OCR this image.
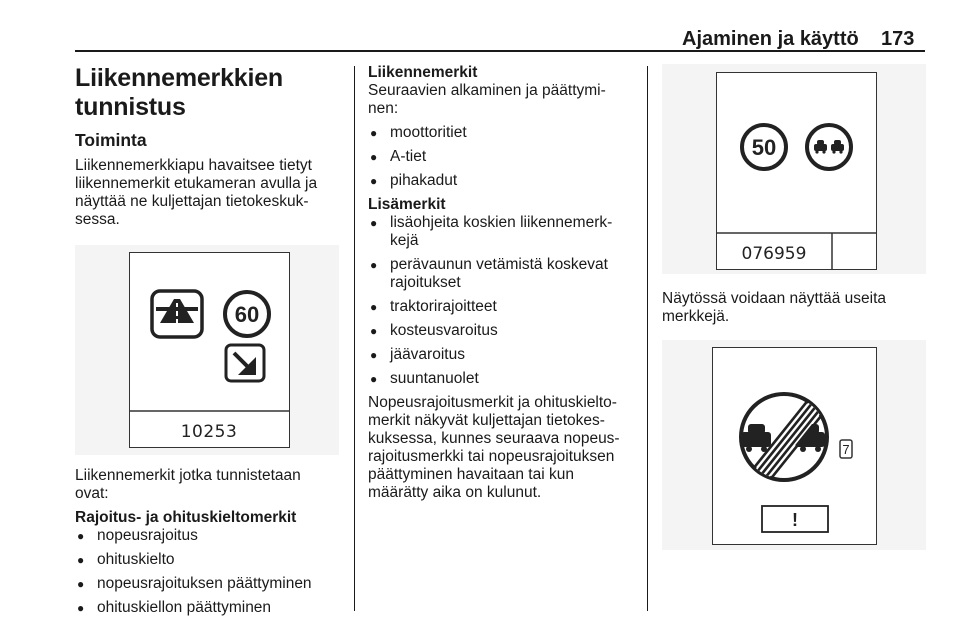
Ajaminen ja käyttö 173
Liikennemerkkien tunnistus
Toiminta

Liikennemerkkiapu havaitsee tietyt

liikennemerkit etukameran avulla ja

näyttää ne kuljettajan tietokeskuk-

sessa.

60
10253

Liikennemerkit jotka tunnistetaan

ovat:

Rajoitus- ja ohituskieltomerkit
● nopeusrajoitus
● ohituskielto
● nopeusrajoituksen päättyminen
● ohituskiellon päättyminen
Liikennemerkit

Seuraavien alkaminen ja päättymi-

nen:

● moottoritiet
● A-tiet
● pihakadut
Lisämerkit
● lisäohjeita koskien liikennemerk-
kejä
● perävaunun vetämistä koskevat
rajoitukset
● traktorirajoitteet
● kosteusvaroitus
● jäävaroitus
● suuntanuolet

Nopeusrajoitusmerkit ja ohituskielto-

merkit näkyvät kuljettajan tietokes-

kuksessa, kunnes seuraava nopeus-

rajoitusmerkki tai nopeusrajoituksen

päättyminen havaitaan tai kun

määrätty aika on kulunut.

50
076959

Näytössä voidaan näyttää useita

merkkejä.

7
!
